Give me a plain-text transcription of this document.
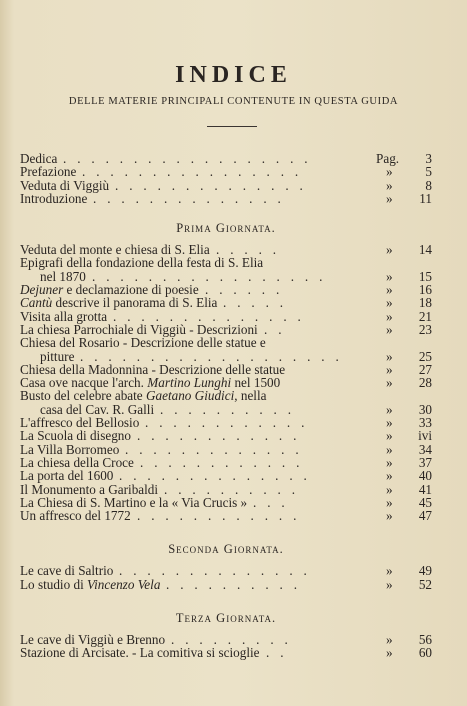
INDICE
DELLE MATERIE PRINCIPALI CONTENUTE IN QUESTA GUIDA
Dedica . . . . . . . . . . . . . . . . . .	Pag. 3
Prefazione . . . . . . . . . . . . . . . .	»	5
Veduta di Viggiù . . . . . . . . . . . . . .	»	8
Introduzione . . . . . . . . . . . . . .	»	11
Prima Giornata.
Veduta del monte e chiesa di S. Elia . . . . .	»	14
Epigrafi della fondazione della festa di S. Elia
nel 1870 . . . . . . . . . . . . . . . . .	»	15
Dejuner e declamazione di poesie . . . . . .	»	16
Cantù descrive il panorama di S. Elia . . . . .	»	18
Visita alla grotta . . . . . . . . . . . . . .	»	21
La chiesa Parrochiale di Viggiù - Descrizioni . .	»	23
Chiesa del Rosario - Descrizione delle statue e
pitture . . . . . . . . . . . . . . . . . . .	»	25
Chiesa della Madonnina - Descrizione delle statue	»	27
Casa ove nacque l'arch. Martino Lunghi nel 1500	»	28
Busto del celebre abate Gaetano Giudici, nella
casa del Cav. R. Galli . . . . . . . . . .	»	30
L'affresco del Bellosio . . . . . . . . . . . .	»	33
La Scuola di disegno . . . . . . . . . . . .	»	ivi
La Villa Borromeo . . . . . . . . . . . . .	»	34
La chiesa della Croce . . . . . . . . . . . .	»	37
La porta del 1600 . . . . . . . . . . . . . .	»	40
Il Monumento a Garibaldi . . . . . . . . . .	»	41
La Chiesa di S. Martino e la « Via Crucis » . . .	»	45
Un affresco del 1772 . . . . . . . . . . . .	»	47
Seconda Giornata.
Le cave di Saltrio . . . . . . . . . . . . . .	»	49
Lo studio di Vincenzo Vela . . . . . . . . . .	»	52
Terza Giornata.
Le cave di Viggiù e Brenno . . . . . . . . .	»	56
Stazione di Arcisate. - La comitiva si scioglie . .	»	60
